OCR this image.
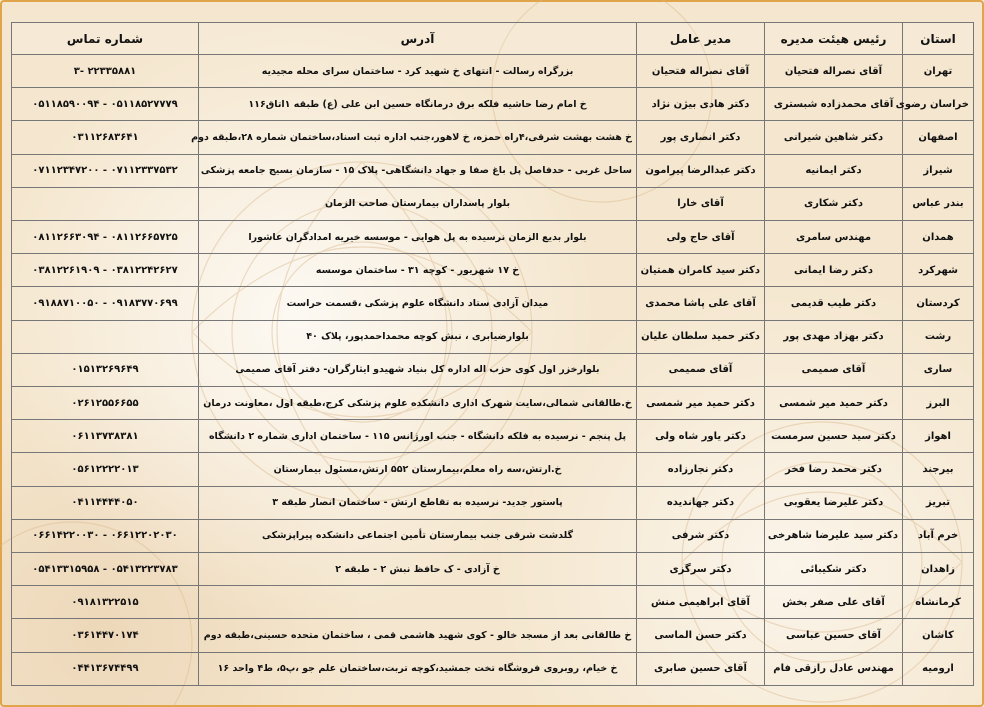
استان	رئیس هیئت مدیره	مدیر عامل	آدرس	شماره تماس
تهران	آقای نصراله فتحیان	آقای نصراله فتحیان	بزرگراه رسالت - انتهای خ شهید کرد - ساختمان سرای محله مجیدیه	۲۲۳۳۵۸۸۱ -۳
خراسان رضوی	آقای محمدزاده شبستری	دکتر هادی بیژن نژاد	خ امام رضا حاشیه فلکه برق درمانگاه حسین ابن علی (ع) طبقه ۱اتاق۱۱۶	۰۵۱۱۸۵۲۷۷۷۹ - ۰۵۱۱۸۵۹۰۰۹۴
اصفهان	دکتر شاهین شیرانی	دکتر انصاری پور	خ هشت بهشت شرقی،۴راه حمزه، خ لاهور،جنب اداره ثبت اسناد،ساختمان شماره ۲۸،طبقه دوم	۰۳۱۱۲۶۸۳۶۴۱
شیراز	دکتر ایمانیه	دکتر عبدالرضا پیرامون	ساحل غربی - حدفاصل پل باغ صفا و جهاد دانشگاهی- پلاک ۱۵ - سازمان بسیج جامعه پزشکی	۰۷۱۱۲۳۳۷۵۳۲ - ۰۷۱۱۲۳۴۷۲۰۰
بندر عباس	دکتر شکاری	آقای خارا	بلوار پاسداران بیمارستان صاحب الزمان	
همدان	مهندس سامری	آقای حاج ولی	بلوار بدیع الزمان نرسیده به پل هوایی - موسسه خیریه امدادگران عاشورا	۰۸۱۱۲۶۶۵۷۲۵ - ۰۸۱۱۲۶۶۳۰۹۴
شهرکرد	دکتر رضا ایمانی	دکتر سید کامران همتیان	خ ۱۷ شهریور - کوچه ۳۱ - ساختمان موسسه	۰۳۸۱۲۲۴۲۶۲۷ - ۰۳۸۱۲۲۶۱۹۰۹
کردستان	دکتر طیب قدیمی	آقای علی پاشا محمدی	میدان آزادی ستاد دانشگاه علوم پزشکی ،قسمت حراست	۰۹۱۸۳۷۷۰۶۹۹ - ۰۹۱۸۸۷۱۰۰۵۰
رشت	دکتر بهزاد مهدی پور	دکتر حمید سلطان علیان	بلوارضیابری ، نبش کوچه محمداحمدپور، پلاک ۴۰	
ساری	آقای صمیمی	آقای صمیمی	بلوارخزر اول کوی حزب اله اداره کل بنیاد شهیدو ایثارگران- دفتر آقای صمیمی	۰۱۵۱۳۲۶۹۶۴۹
البرز	دکتر حمید میر شمسی	دکتر حمید میر شمسی	خ.طالقانی شمالی،سایت شهرک اداری دانشکده علوم پزشکی کرج،طبقه اول ،معاونت درمان	۰۲۶۱۲۵۵۶۶۵۵
اهواز	دکتر سید حسین سرمست	دکتر یاور شاه ولی	پل پنجم - نرسیده به فلکه دانشگاه - جنب اورژانس ۱۱۵ - ساختمان اداری شماره ۲ دانشگاه	۰۶۱۱۳۷۳۸۳۸۱
بیرجند	دکتر محمد رضا فخر	دکتر نجارزاده	خ.ارتش،سه راه معلم،بیمارستان ۵۵۲ ارتش،مسئول بیمارستان	۰۵۶۱۲۲۲۲۰۱۳
تبریز	دکتر علیرضا یعقوبی	دکتر جهاندیده	پاستور جدید- نرسیده به تقاطع ارتش - ساختمان انصار طبقه ۳	۰۴۱۱۴۴۴۴۰۵۰
خرم آباد	دکتر سید علیرضا شاهرخی	دکتر شرفی	گلدشت شرقی جنب بیمارستان تأمین اجتماعی دانشکده پیراپزشکی	۰۶۶۱۲۲۰۲۰۳۰ - ۰۶۶۱۴۲۲۰۰۳۰
زاهدان	دکتر شکیبائی	دکتر سرگزی	خ آزادی - ک حافظ نبش ۲ - طبقه ۲	۰۵۴۱۳۲۲۳۷۸۳ - ۰۵۴۱۳۳۱۵۹۵۸
کرمانشاه	آقای علی صفر بخش	آقای ابراهیمی منش		۰۹۱۸۱۳۲۲۵۱۵
کاشان	آقای حسین عباسی	دکتر حسن الماسی	خ طالقانی بعد از مسجد خالو - کوی شهید هاشمی قمی ، ساختمان متحده حسینی،طبقه دوم	۰۳۶۱۴۴۷۰۱۷۴
ارومیه	مهندس عادل رازقی فام	آقای حسین صابری	خ خیام، روبروی فروشگاه تخت جمشید،کوچه تربت،ساختمان علم جو ،پ۵، ط۴ واحد ۱۶	۰۴۴۱۳۶۷۴۴۹۹
